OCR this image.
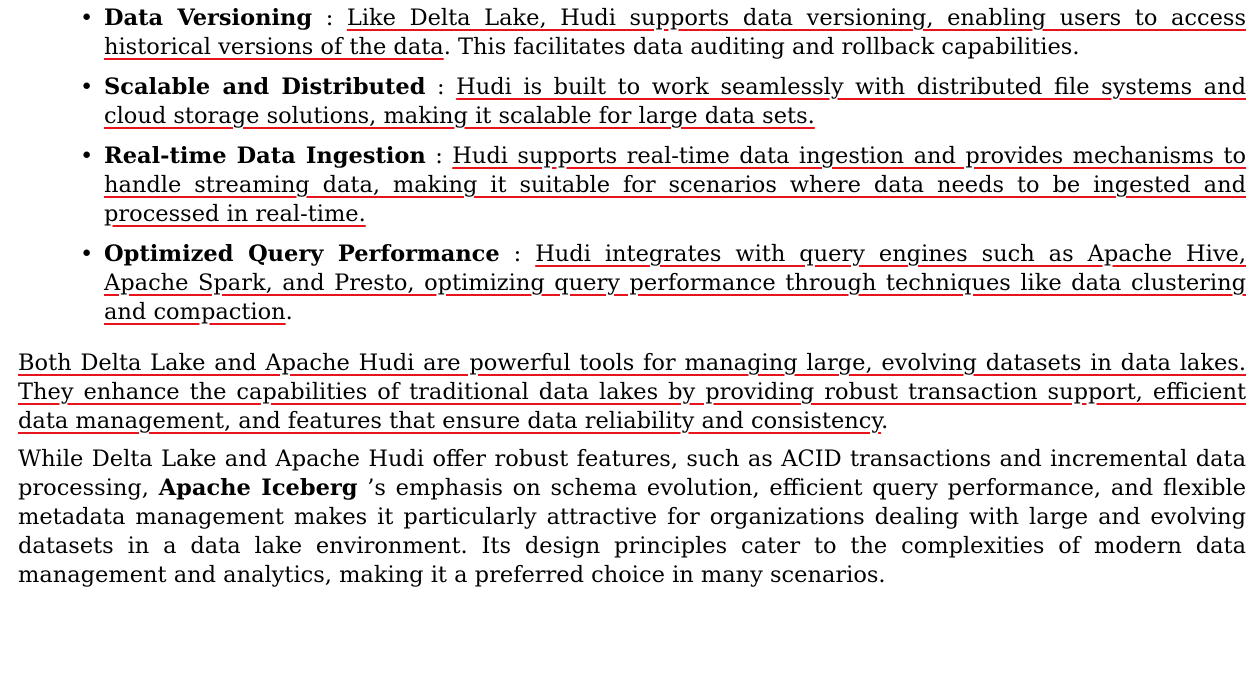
• Data Versioning : Like Delta Lake, Hudi supports data versioning, enabling users to access historical versions of the data. This facilitates data auditing and rollback capabilities.
• Scalable and Distributed : Hudi is built to work seamlessly with distributed file systems and cloud storage solutions, making it scalable for large data sets.
• Real-time Data Ingestion : Hudi supports real-time data ingestion and provides mechanisms to handle streaming data, making it suitable for scenarios where data needs to be ingested and processed in real-time.
• Optimized Query Performance : Hudi integrates with query engines such as Apache Hive, Apache Spark, and Presto, optimizing query performance through techniques like data clustering and compaction.

Both Delta Lake and Apache Hudi are powerful tools for managing large, evolving datasets in data lakes. They enhance the capabilities of traditional data lakes by providing robust transaction support, efficient data management, and features that ensure data reliability and consistency.

While Delta Lake and Apache Hudi offer robust features, such as ACID transactions and incremental data processing, Apache Iceberg ’s emphasis on schema evolution, efficient query performance, and flexible metadata management makes it particularly attractive for organizations dealing with large and evolving datasets in a data lake environment. Its design principles cater to the complexities of modern data management and analytics, making it a preferred choice in many scenarios.
